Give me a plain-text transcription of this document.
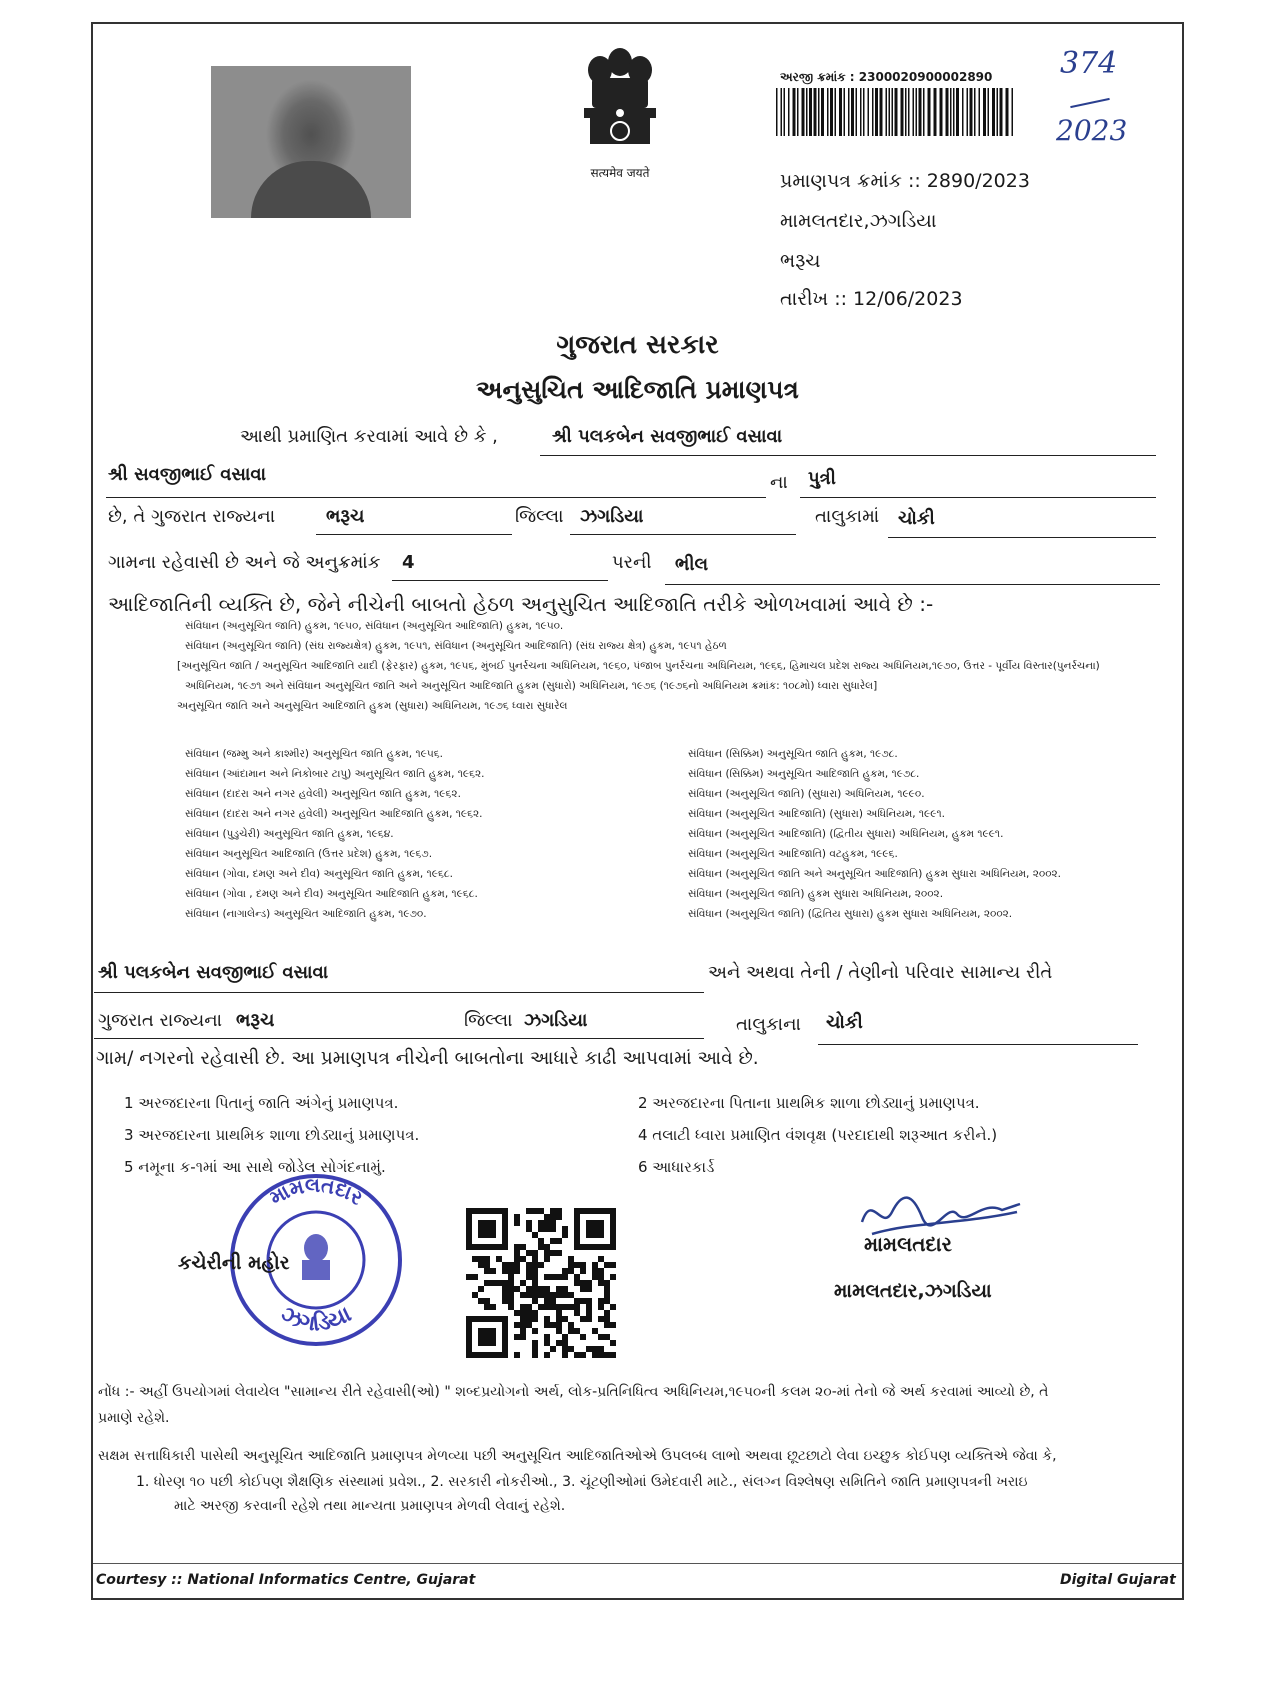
सत्यमेव जयते
અરજી ક્રમાંક : 2300020900002890 374
2023
પ્રમાણપત્ર ક્રમાંક :: 2890/2023
મામલતદાર,ઝગડિયા
ભરૂચ
તારીખ :: 12/06/2023
ગુજરાત સરકાર
અનુસુચિત આદિજાતિ પ્રમાણપત્ર
આથી પ્રમાણિત કરવામાં આવે છે કે ,	શ્રી પલકબેન સવજીભાઈ વસાવા
શ્રી સવજીભાઈ વસાવા	ના પુત્રી
છે, તે ગુજરાત રાજ્યના	ભરૂચ	જિલ્લા ઝગડિયા	તાલુકામાં ચોકી
ગામના રહેવાસી છે અને જે અનુક્રમાંક 4	પરની ભીલ
આદિજાતિની વ્યક્તિ છે, જેને નીચેની બાબતો હેઠળ અનુસુચિત આદિજાતિ તરીકે ઓળખવામાં આવે છે :-
સંવિધાન (અનુસૂચિત જાતિ) હુકમ, ૧૯૫૦, સંવિધાન (અનુસૂચિત આદિજાતિ) હુકમ, ૧૯૫૦.
સંવિધાન (અનુસૂચિત જાતિ) (સંઘ રાજ્યક્ષેત્ર) હુકમ, ૧૯૫૧, સંવિધાન (અનુસૂચિત આદિજાતિ) (સંઘ રાજ્ય ક્ષેત્ર) હુકમ, ૧૯૫૧ હેઠળ
[અનુસૂચિત જાતિ / અનુસૂચિત આદિજાતિ યાદી (ફેરફાર) હુકમ, ૧૯૫૬, મુંબઈ પુનર્રચના અધિનિયમ, ૧૯૬૦, પંજાબ પુનર્રચના અધિનિયમ, ૧૯૬૬, હિમાચલ પ્રદેશ રાજ્ય અધિનિયમ,૧૯૭૦, ઉત્તર - પૂર્વીય વિસ્તાર(પુનર્રચના)
અધિનિયમ, ૧૯૭૧ અને સંવિધાન અનુસૂચિત જાતિ અને અનુસૂચિત આદિજાતિ હુકમ (સુધારો) અધિનિયમ, ૧૯૭૬ (૧૯૭૬નો અધિનિયમ ક્રમાંક: ૧૦૮મો) ધ્વારા સુધારેલ]
અનુસૂચિત જાતિ અને અનુસૂચિત આદિજાતિ હુકમ (સુધારા) અધિનિયમ, ૧૯૭૬ ધ્વારા સુધારેલ
સંવિધાન (જમ્મુ અને કાશ્મીર) અનુસૂચિત જાતિ હુકમ, ૧૯૫૬.
સંવિધાન (આંદામાન અને નિકોબાર ટાપુ) અનુસૂચિત જાતિ હુકમ, ૧૯૬૨.
સંવિધાન (દાદરા અને નગર હવેલી) અનુસૂચિત જાતિ હુકમ, ૧૯૬૨.
સંવિધાન (દાદરા અને નગર હવેલી) અનુસૂચિત આદિજાતિ હુકમ, ૧૯૬૨.
સંવિધાન (પુડુચેરી) અનુસૂચિત જાતિ હુકમ, ૧૯૬૪.
સંવિધાન અનુસૂચિત આદિજાતિ (ઉત્તર પ્રદેશ) હુકમ, ૧૯૬૭.
સંવિધાન (ગોવા, દમણ અને દીવ) અનુસૂચિત જાતિ હુકમ, ૧૯૬૮.
સંવિધાન (ગોવા , દમણ અને દીવ) અનુસૂચિત આદિજાતિ હુકમ, ૧૯૬૮.
સંવિધાન (નાગાલેન્ડ) અનુસૂચિત આદિજાતિ હુકમ, ૧૯૭૦.
સંવિધાન (સિક્કિમ) અનુસૂચિત જાતિ હુકમ, ૧૯૭૮.
સંવિધાન (સિક્કિમ) અનુસૂચિત આદિજાતિ હુકમ, ૧૯૭૮.
સંવિધાન (અનુસૂચિત જાતિ) (સુધારા) અધિનિયમ, ૧૯૯૦.
સંવિધાન (અનુસૂચિત આદિજાતિ) (સુધારા) અધિનિયમ, ૧૯૯૧.
સંવિધાન (અનુસૂચિત આદિજાતિ) (દ્વિતીય સુધારા) અધિનિયમ, હુકમ ૧૯૯૧.
સંવિધાન (અનુસૂચિત આદિજાતિ) વટહુકમ, ૧૯૯૬.
સંવિધાન (અનુસૂચિત જાતિ અને અનુસૂચિત આદિજાતિ) હુકમ સુધારા અધિનિયમ, ૨૦૦૨.
સંવિધાન (અનુસૂચિત જાતિ) હુકમ સુધારા અધિનિયમ, ૨૦૦૨.
સંવિધાન (અનુસૂચિત જાતિ) (દ્વિતિય સુધારા) હુકમ સુધારા અધિનિયમ, ૨૦૦૨.
શ્રી પલકબેન સવજીભાઈ વસાવા	અને અથવા તેની / તેણીનો પરિવાર સામાન્ય રીતે
ગુજરાત રાજ્યના ભરૂચ	જિલ્લા ઝગડિયા	તાલુકાના ચોકી
ગામ/ નગરનો રહેવાસી છે. આ પ્રમાણપત્ર નીચેની બાબતોના આધારે કાઢી આપવામાં આવે છે.
1 અરજદારના પિતાનું જાતિ અંગેનું પ્રમાણપત્ર.	2 અરજદારના પિતાના પ્રાથમિક શાળા છોડ્યાનું પ્રમાણપત્ર.
3 અરજદારના પ્રાથમિક શાળા છોડ્યાનું પ્રમાણપત્ર.	4 તલાટી ધ્વારા પ્રમાણિત વંશવૃક્ષ (પરદાદાથી શરૂઆત કરીને.)
5 નમૂના ક-૧માં આ સાથે જોડેલ સોગંદનામું.	6 આધારકાર્ડ
મામલતદાર
ઝગડિયા
કચેરીની મહોર
મામલતદાર
મામલતદાર,ઝગડિયા
નોંધ :- અહીં ઉપયોગમાં લેવાયેલ "સામાન્ય રીતે રહેવાસી(ઓ) " શબ્દપ્રયોગનો અર્થ, લોક-પ્રતિનિધિત્વ અધિનિયમ,૧૯૫૦ની કલમ ૨૦-માં તેનો જે અર્થ કરવામાં આવ્યો છે, તે
પ્રમાણે રહેશે.
સક્ષમ સત્તાધિકારી પાસેથી અનુસૂચિત આદિજાતિ પ્રમાણપત્ર મેળવ્યા પછી અનુસૂચિત આદિજાતિઓએ ઉપલબ્ધ લાભો અથવા છૂટછાટો લેવા ઇચ્છુક કોઈપણ વ્યક્તિએ જેવા કે,
1. ધોરણ ૧૦ પછી કોઈપણ શૈક્ષણિક સંસ્થામાં પ્રવેશ., 2. સરકારી નોકરીઓ., 3. ચૂંટણીઓમાં ઉમેદવારી માટે., સંલગ્ન વિશ્લેષણ સમિતિને જાતિ પ્રમાણપત્રની ખરાઇ
માટે અરજી કરવાની રહેશે તથા માન્યતા પ્રમાણપત્ર મેળવી લેવાનું રહેશે.
Courtesy :: National Informatics Centre, Gujarat	Digital Gujarat
